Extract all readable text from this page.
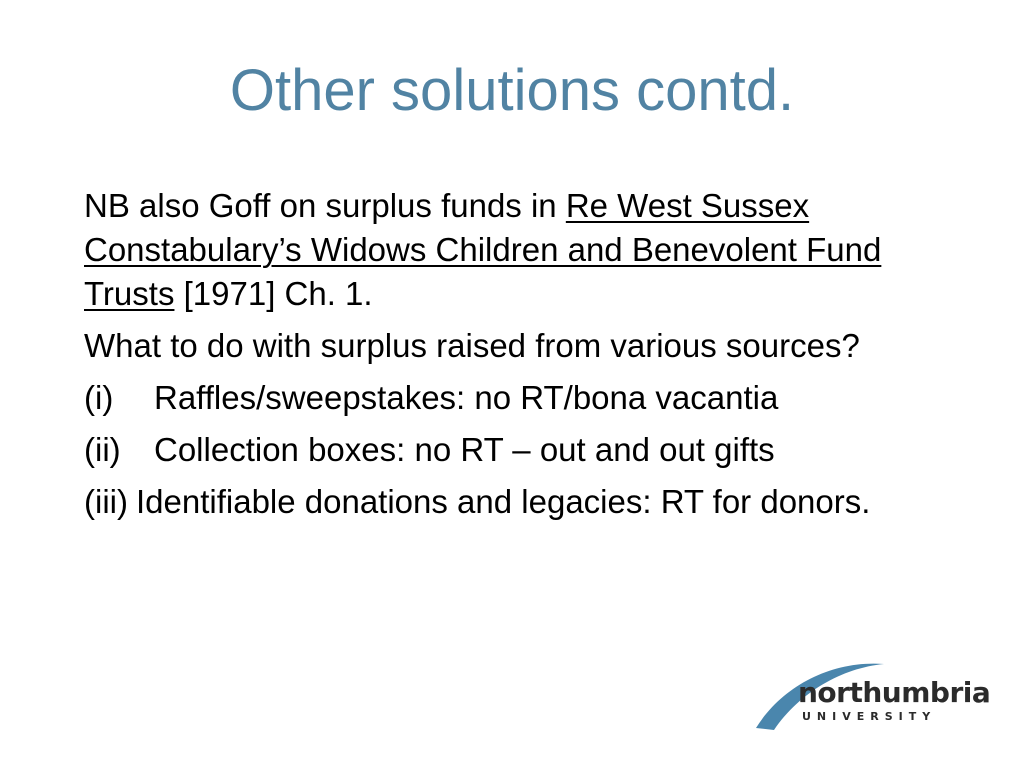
Other solutions contd.

NB also Goff on surplus funds in Re West Sussex Constabulary’s Widows Children and Benevolent Fund Trusts [1971] Ch. 1.

What to do with surplus raised from various sources?

(i)	Raffles/sweepstakes: no RT/bona vacantia
(ii)	Collection boxes: no RT – out and out gifts
(iii) Identifiable donations and legacies: RT for donors.
northumbria
UNIVERSITY
